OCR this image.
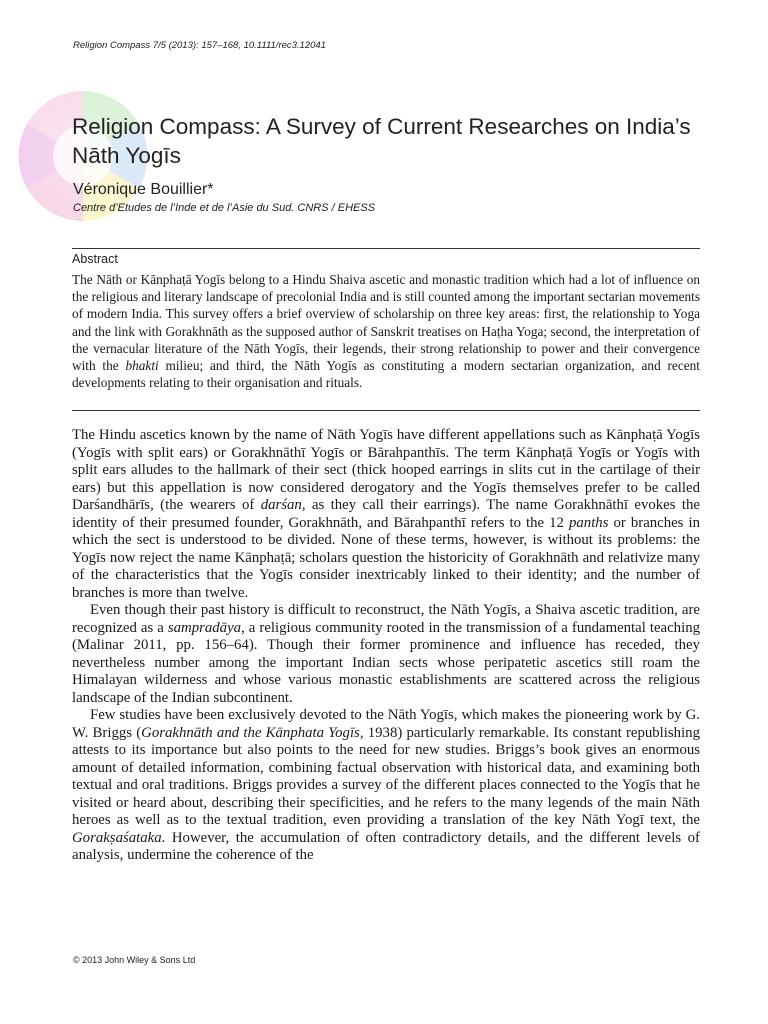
Religion Compass 7/5 (2013): 157–168, 10.1111/rec3.12041
Religion Compass: A Survey of Current Researches on India’s Nāth Yogīs

Véronique Bouillier*

Centre d’Etudes de l’Inde et de l’Asie du Sud. CNRS / EHESS

Abstract

The Nāth or Kānphaṭā Yogīs belong to a Hindu Shaiva ascetic and monastic tradition which had a lot of influence on the religious and literary landscape of precolonial India and is still counted among the important sectarian movements of modern India. This survey offers a brief overview of scholarship on three key areas: first, the relationship to Yoga and the link with Gorakhnāth as the supposed author of Sanskrit treatises on Haṭha Yoga; second, the interpretation of the vernacular literature of the Nāth Yogīs, their legends, their strong relationship to power and their convergence with the bhakti milieu; and third, the Nāth Yogīs as constituting a modern sectarian organization, and recent developments relating to their organisation and rituals.

The Hindu ascetics known by the name of Nāth Yogīs have different appellations such as Kānphaṭā Yogīs (Yogīs with split ears) or Gorakhnāthī Yogīs or Bārahpanthīs. The term Kānphaṭā Yogīs or Yogīs with split ears alludes to the hallmark of their sect (thick hooped earrings in slits cut in the cartilage of their ears) but this appellation is now considered derogatory and the Yogīs themselves prefer to be called Darśandhārīs, (the wearers of darśan, as they call their earrings). The name Gorakhnāthī evokes the identity of their presumed founder, Gorakhnāth, and Bārahpanthī refers to the 12 panths or branches in which the sect is understood to be divided. None of these terms, however, is without its problems: the Yogīs now reject the name Kānphaṭā; scholars question the historicity of Gorakhnāth and relativize many of the characteristics that the Yogīs consider inextricably linked to their identity; and the number of branches is more than twelve.

Even though their past history is difficult to reconstruct, the Nāth Yogīs, a Shaiva ascetic tradition, are recognized as a sampradāya, a religious community rooted in the transmission of a fundamental teaching (Malinar 2011, pp. 156–64). Though their former prominence and influence has receded, they nevertheless number among the important Indian sects whose peripatetic ascetics still roam the Himalayan wilderness and whose various monastic establishments are scattered across the religious landscape of the Indian subcontinent.

Few studies have been exclusively devoted to the Nāth Yogīs, which makes the pioneering work by G. W. Briggs (Gorakhnāth and the Kānphata Yogīs, 1938) particularly remarkable. Its constant republishing attests to its importance but also points to the need for new studies. Briggs’s book gives an enormous amount of detailed information, combining factual observation with historical data, and examining both textual and oral traditions. Briggs provides a survey of the different places connected to the Yogīs that he visited or heard about, describing their specificities, and he refers to the many legends of the main Nāth heroes as well as to the textual tradition, even providing a translation of the key Nāth Yogī text, the Gorakṣaśataka. However, the accumulation of often contradictory details, and the different levels of analysis, undermine the coherence of the

© 2013 John Wiley & Sons Ltd
